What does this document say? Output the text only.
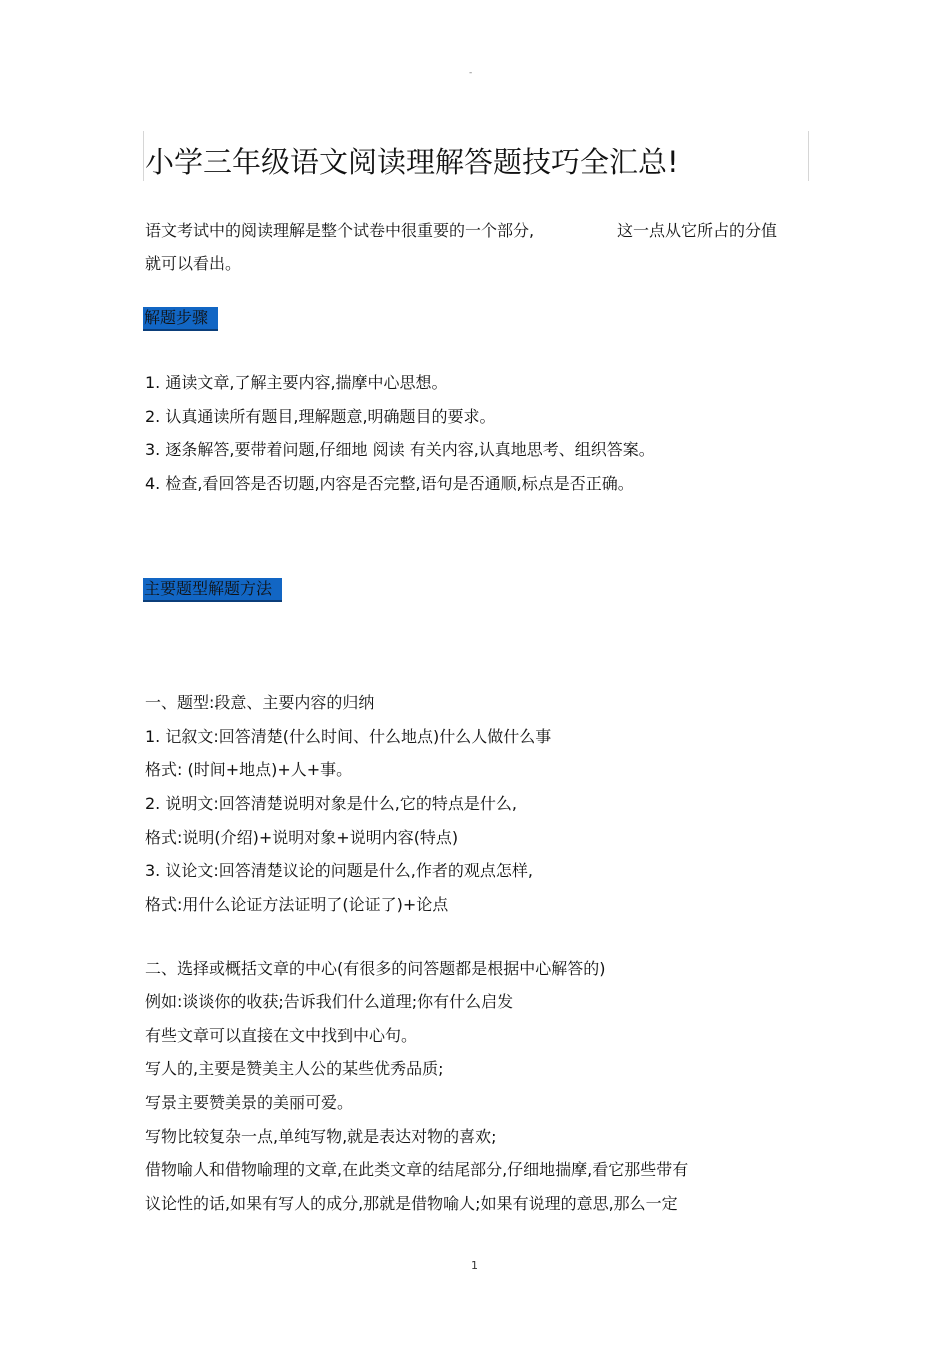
-
小学三年级语文阅读理解答题技巧全汇总!
语文考试中的阅读理解是整个试卷中很重要的一个部分,	这一点从它所占的分值
就可以看出。
解题步骤
1. 通读文章,了解主要内容,揣摩中心思想。
2. 认真通读所有题目,理解题意,明确题目的要求。
3. 逐条解答,要带着问题,仔细地 阅读 有关内容,认真地思考、组织答案。
4. 检查,看回答是否切题,内容是否完整,语句是否通顺,标点是否正确。
主要题型解题方法
一、题型:段意、主要内容的归纳
1. 记叙文:回答清楚(什么时间、什么地点)什么人做什么事
格式: (时间+地点)+人+事。
2. 说明文:回答清楚说明对象是什么,它的特点是什么,
格式:说明(介绍)+说明对象+说明内容(特点)
3. 议论文:回答清楚议论的问题是什么,作者的观点怎样,
格式:用什么论证方法证明了(论证了)+论点
二、选择或概括文章的中心(有很多的问答题都是根据中心解答的)
例如:谈谈你的收获;告诉我们什么道理;你有什么启发
有些文章可以直接在文中找到中心句。
写人的,主要是赞美主人公的某些优秀品质;
写景主要赞美景的美丽可爱。
写物比较复杂一点,单纯写物,就是表达对物的喜欢;
借物喻人和借物喻理的文章,在此类文章的结尾部分,仔细地揣摩,看它那些带有
议论性的话,如果有写人的成分,那就是借物喻人;如果有说理的意思,那么一定
1
